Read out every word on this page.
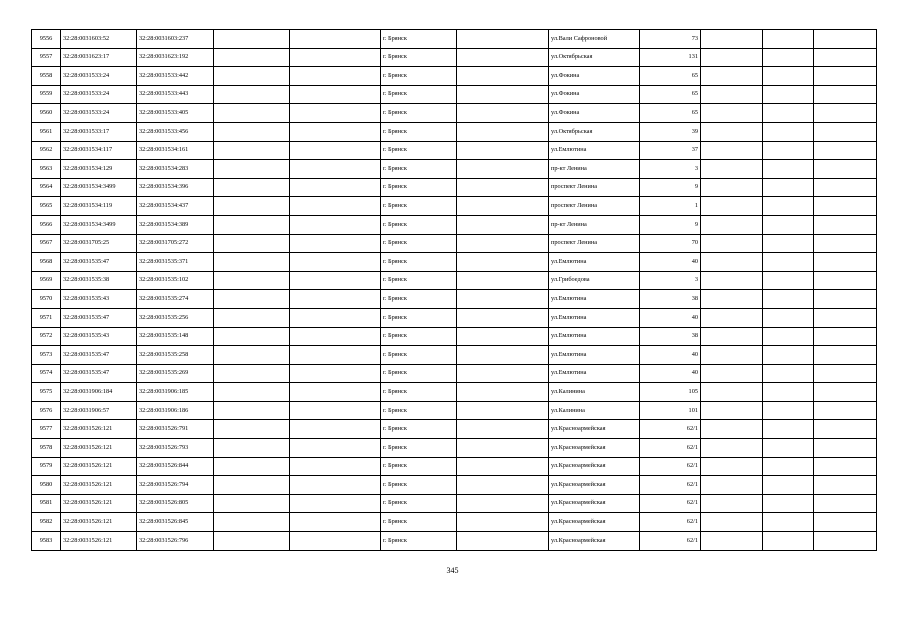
9556	32:28:0031603:52	32:28:0031603:237			г. Брянск		ул.Вали Сафроновой	73			
9557	32:28:0031623:17	32:28:0031623:192			г. Брянск		ул.Октябрьская	131			
9558	32:28:0031533:24	32:28:0031533:442			г. Брянск		ул.Фокина	65			
9559	32:28:0031533:24	32:28:0031533:443			г. Брянск		ул.Фокина	65			
9560	32:28:0031533:24	32:28:0031533:405			г. Брянск		ул.Фокина	65			
9561	32:28:0031533:17	32:28:0031533:456			г. Брянск		ул.Октябрьская	39			
9562	32:28:0031534:117	32:28:0031534:161			г. Брянск		ул.Емлютина	37			
9563	32:28:0031534:129	32:28:0031534:283			г. Брянск		пр-кт Ленина	3			
9564	32:28:0031534:3499	32:28:0031534:396			г. Брянск		проспект Ленина	9			
9565	32:28:0031534:119	32:28:0031534:437			г. Брянск		проспект Ленина	1			
9566	32:28:0031534:3499	32:28:0031534:389			г. Брянск		пр-кт Ленина	9			
9567	32:28:0031705:25	32:28:0031705:272			г. Брянск		проспект Ленина	70			
9568	32:28:0031535:47	32:28:0031535:371			г. Брянск		ул.Емлютина	40			
9569	32:28:0031535:38	32:28:0031535:102			г. Брянск		ул.Грибоедова	3			
9570	32:28:0031535:43	32:28:0031535:274			г. Брянск		ул.Емлютина	38			
9571	32:28:0031535:47	32:28:0031535:256			г. Брянск		ул.Емлютина	40			
9572	32:28:0031535:43	32:28:0031535:148			г. Брянск		ул.Емлютина	38			
9573	32:28:0031535:47	32:28:0031535:258			г. Брянск		ул.Емлютина	40			
9574	32:28:0031535:47	32:28:0031535:269			г. Брянск		ул.Емлютина	40			
9575	32:28:0031906:184	32:28:0031906:185			г. Брянск		ул.Калинина	105			
9576	32:28:0031906:57	32:28:0031906:186			г. Брянск		ул.Калинина	101			
9577	32:28:0031526:121	32:28:0031526:791			г. Брянск		ул.Красноармейская	62/1			
9578	32:28:0031526:121	32:28:0031526:793			г. Брянск		ул.Красноармейская	62/1			
9579	32:28:0031526:121	32:28:0031526:844			г. Брянск		ул.Красноармейская	62/1			
9580	32:28:0031526:121	32:28:0031526:794			г. Брянск		ул.Красноармейская	62/1			
9581	32:28:0031526:121	32:28:0031526:805			г. Брянск		ул.Красноармейская	62/1			
9582	32:28:0031526:121	32:28:0031526:845			г. Брянск		ул.Красноармейская	62/1			
9583	32:28:0031526:121	32:28:0031526:796			г. Брянск		ул.Красноармейская	62/1			
345
